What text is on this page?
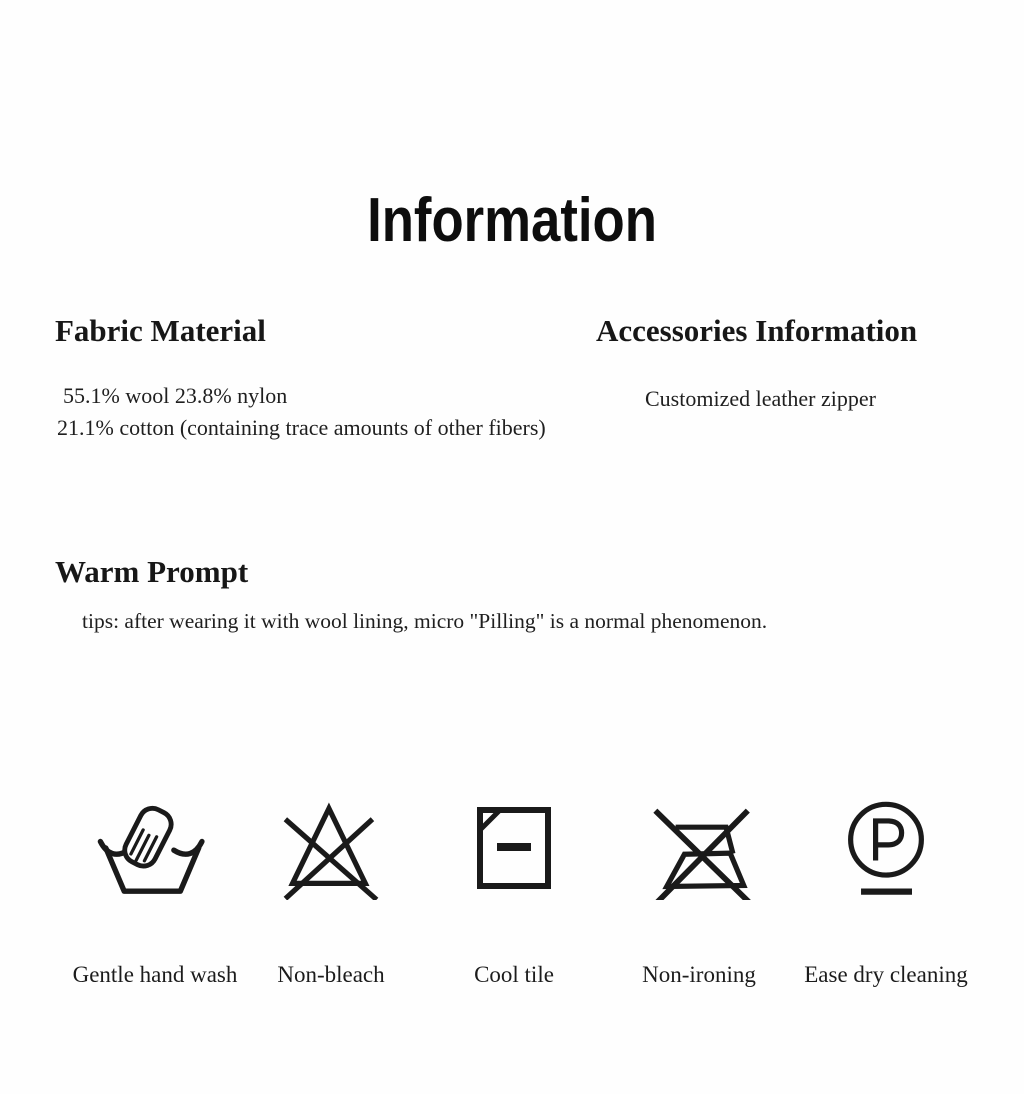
Information
Fabric Material

55.1% wool 23.8% nylon

21.1% cotton (containing trace amounts of other fibers)

Accessories Information

Customized leather zipper

Warm Prompt

tips: after wearing it with wool lining, micro "Pilling" is a normal phenomenon.

Gentle hand wash Non-bleach	Cool tile	Non-ironing Ease dry cleaning
